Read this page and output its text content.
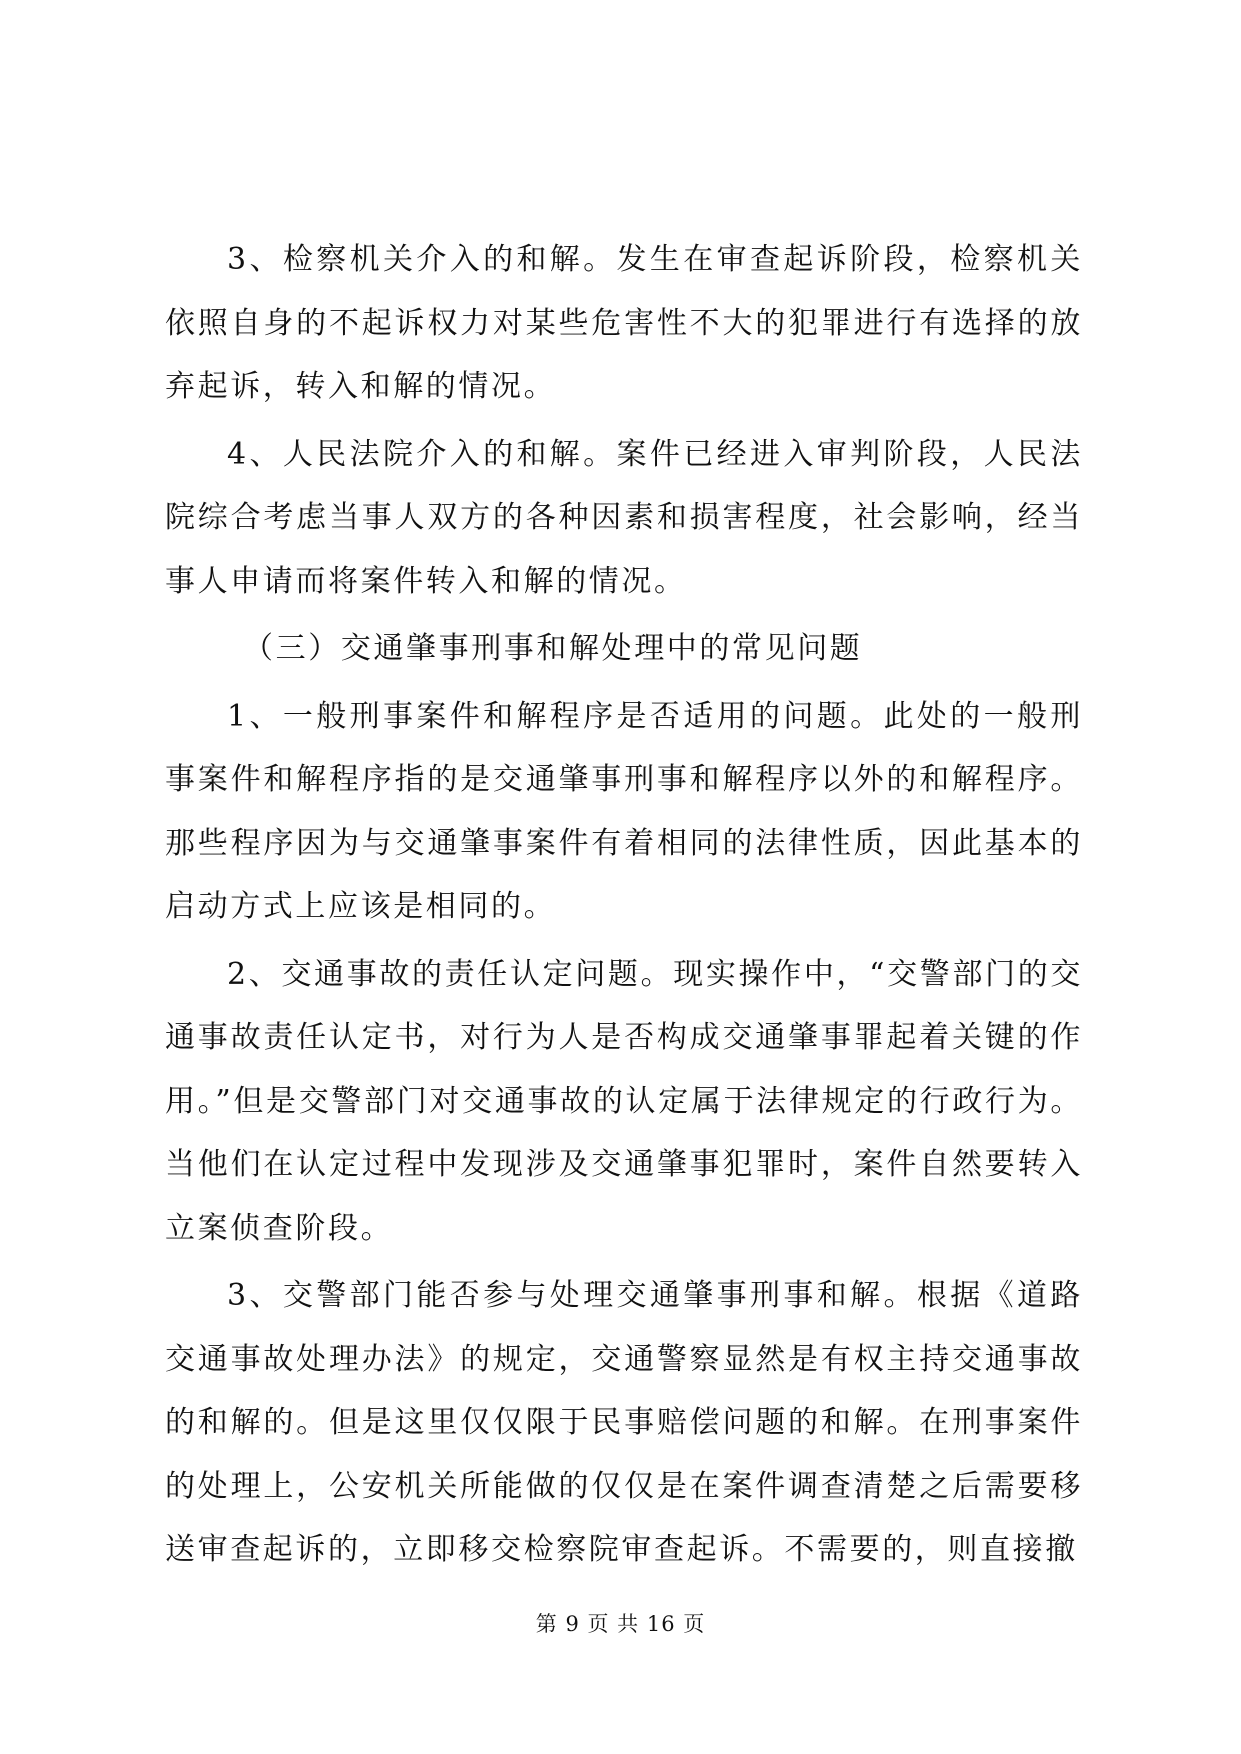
3、检察机关介入的和解。发生在审查起诉阶段，检察机关依照自身的不起诉权力对某些危害性不大的犯罪进行有选择的放弃起诉，转入和解的情况。

4、人民法院介入的和解。案件已经进入审判阶段，人民法院综合考虑当事人双方的各种因素和损害程度，社会影响，经当事人申请而将案件转入和解的情况。

（三）交通肇事刑事和解处理中的常见问题

1、一般刑事案件和解程序是否适用的问题。此处的一般刑事案件和解程序指的是交通肇事刑事和解程序以外的和解程序。那些程序因为与交通肇事案件有着相同的法律性质，因此基本的启动方式上应该是相同的。

2、交通事故的责任认定问题。现实操作中，“交警部门的交通事故责任认定书，对行为人是否构成交通肇事罪起着关键的作用。”但是交警部门对交通事故的认定属于法律规定的行政行为。当他们在认定过程中发现涉及交通肇事犯罪时，案件自然要转入立案侦查阶段。

3、交警部门能否参与处理交通肇事刑事和解。根据《道路交通事故处理办法》的规定，交通警察显然是有权主持交通事故的和解的。但是这里仅仅限于民事赔偿问题的和解。在刑事案件的处理上，公安机关所能做的仅仅是在案件调查清楚之后需要移送审查起诉的，立即移交检察院审查起诉。不需要的，则直接撤

第 9 页 共 16 页
